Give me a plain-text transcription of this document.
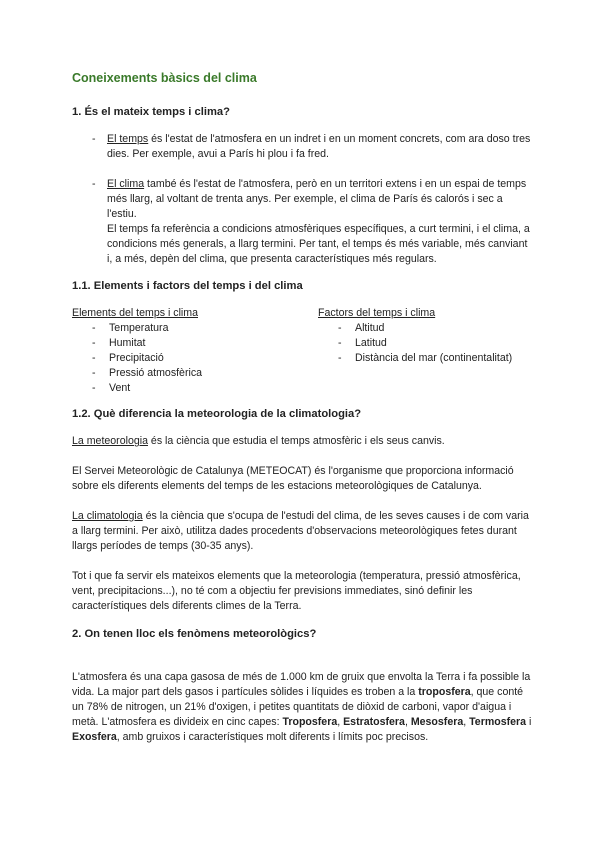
Coneixements bàsics del clima
1. És el mateix temps i clima?
- El temps és l'estat de l'atmosfera en un indret i en un moment concrets, com ara doso tres dies. Per exemple, avui a París hi plou i fa fred.
- El clima també és l'estat de l'atmosfera, però en un territori extens i en un espai de temps més llarg, al voltant de trenta anys. Per exemple, el clima de París és calorós i sec a l'estiu.
El temps fa referència a condicions atmosfèriques específiques, a curt termini, i el clima, a condicions més generals, a llarg termini. Per tant, el temps és més variable, més canviant i, a més, depèn del clima, que presenta característiques més regulars.
1.1. Elements i factors del temps i del clima
Elements del temps i clima
- Temperatura
- Humitat
- Precipitació
- Pressió atmosfèrica
- Vent
Factors del temps i clima
- Altitud
- Latitud
- Distància del mar (continentalitat)
1.2. Què diferencia la meteorologia de la climatologia?

La meteorologia és la ciència que estudia el temps atmosfèric i els seus canvis.

El Servei Meteorològic de Catalunya (METEOCAT) és l'organisme que proporciona informació sobre els diferents elements del temps de les estacions meteorològiques de Catalunya.

La climatologia és la ciència que s'ocupa de l'estudi del clima, de les seves causes i de com varia a llarg termini. Per això, utilitza dades procedents d'observacions meteorològiques fetes durant llargs períodes de temps (30-35 anys).

Tot i que fa servir els mateixos elements que la meteorologia (temperatura, pressió atmosfèrica, vent, precipitacions...), no té com a objectiu fer previsions immediates, sinó definir les característiques dels diferents climes de la Terra.

2. On tenen lloc els fenòmens meteorològics?

L'atmosfera és una capa gasosa de més de 1.000 km de gruix que envolta la Terra i fa possible la vida. La major part dels gasos i partícules sòlides i líquides es troben a la troposfera, que conté un 78% de nitrogen, un 21% d'oxigen, i petites quantitats de diòxid de carboni, vapor d'aigua i metà. L'atmosfera es divideix en cinc capes: Troposfera, Estratosfera, Mesosfera, Termosfera i Exosfera, amb gruixos i característiques molt diferents i límits poc precisos.
